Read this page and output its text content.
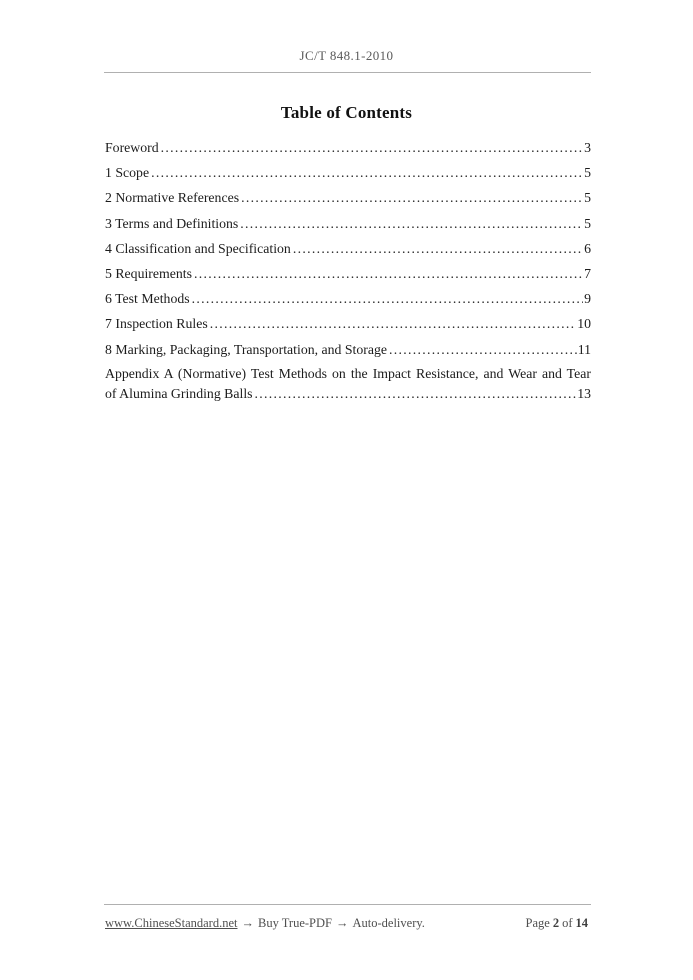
JC/T 848.1-2010
Table of Contents
Foreword .....	3
1 Scope .....	5
2 Normative References .....	5
3 Terms and Definitions .....	5
4 Classification and Specification .....	6
5 Requirements .....	7
6 Test Methods .....	9
7 Inspection Rules .....	10
8 Marking, Packaging, Transportation, and Storage .....	11
Appendix A (Normative) Test Methods on the Impact Resistance, and Wear and Tear
of Alumina Grinding Balls .....	13
www.ChineseStandard.net → Buy True-PDF → Auto-delivery.	Page 2 of 14
